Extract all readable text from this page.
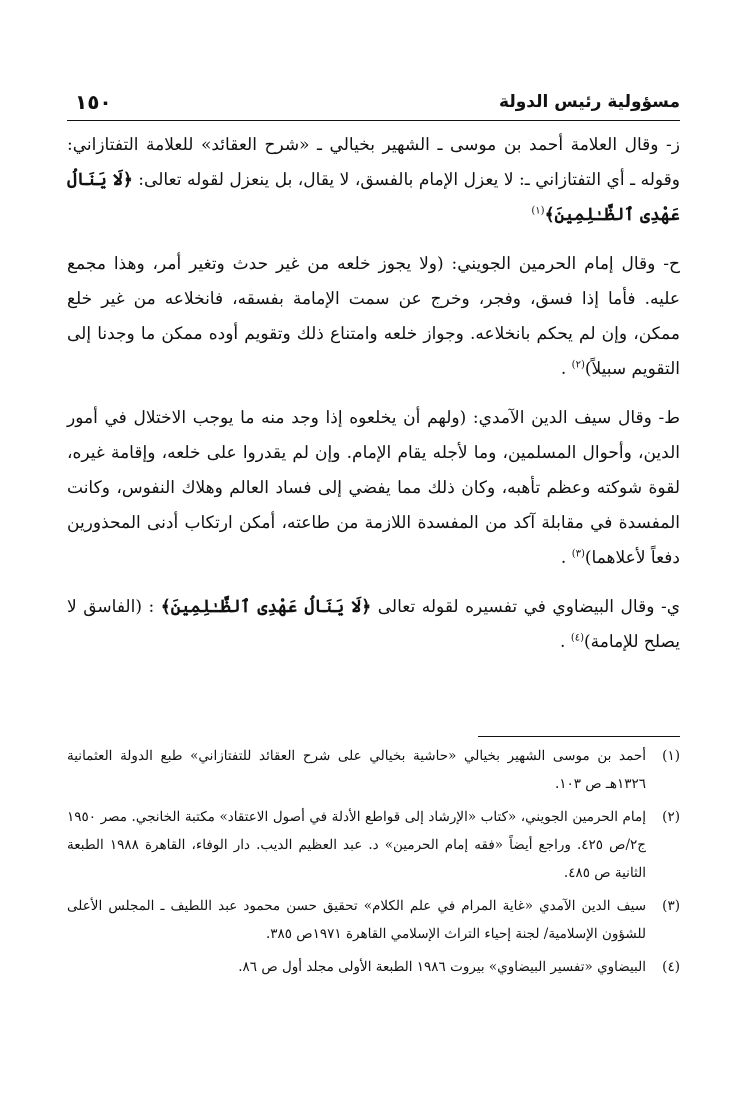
مسؤولية رئيس الدولة
١٥٠

ز- وقال العلامة أحمد بن موسى ـ الشهير بخيالي ـ «شرح العقائد» للعلامة التفتازاني: وقوله ـ أي التفتازاني ـ: لا يعزل الإمام بالفسق، لا يقال، بل ينعزل لقوله تعالى: ﴿لَا يَنَالُ عَهْدِى ٱلظَّـٰلِمِينَ﴾$^{(١)}$

ح- وقال إمام الحرمين الجويني: (ولا يجوز خلعه من غير حدث وتغير أمر، وهذا مجمع عليه. فأما إذا فسق، وفجر، وخرج عن سمت الإمامة بفسقه، فانخلاعه من غير خلع ممكن، وإن لم يحكم بانخلاعه. وجواز خلعه وامتناع ذلك وتقويم أوده ممكن ما وجدنا إلى التقويم سبيلاً)$^{(٢)}$ .

ط- وقال سيف الدين الآمدي: (ولهم أن يخلعوه إذا وجد منه ما يوجب الاختلال في أمور الدين، وأحوال المسلمين، وما لأجله يقام الإمام. وإن لم يقدروا على خلعه، وإقامة غيره، لقوة شوكته وعظم تأهبه، وكان ذلك مما يفضي إلى فساد العالم وهلاك النفوس، وكانت المفسدة في مقابلة آكد من المفسدة اللازمة من طاعته، أمكن ارتكاب أدنى المحذورين دفعاً لأعلاهما)$^{(٣)}$ .

ي- وقال البيضاوي في تفسيره لقوله تعالى ﴿لَا يَنَالُ عَهْدِى ٱلظَّـٰلِمِينَ﴾ : (الفاسق لا يصلح للإمامة)$^{(٤)}$ .

(١)
أحمد بن موسى الشهير بخيالي «حاشية بخيالي على شرح العقائد للتفتازاني» طبع الدولة العثمانية ١٣٢٦هـ ص ١٠٣.
(٢)
إمام الحرمين الجويني، «كتاب «الإرشاد إلى قواطع الأدلة في أصول الاعتقاد» مكتبة الخانجي. مصر ١٩٥٠ ج٢/ص ٤٢٥. وراجع أيضاً «فقه إمام الحرمين» د. عبد العظيم الديب. دار الوفاء، القاهرة ١٩٨٨ الطبعة الثانية ص ٤٨٥.
(٣)
سيف الدين الآمدي «غاية المرام في علم الكلام» تحقيق حسن محمود عبد اللطيف ـ المجلس الأعلى للشؤون الإسلامية/ لجنة إحياء التراث الإسلامي القاهرة ١٩٧١ص ٣٨٥.
(٤)
البيضاوي «تفسير البيضاوي» بيروت ١٩٨٦ الطبعة الأولى مجلد أول ص ٨٦.
